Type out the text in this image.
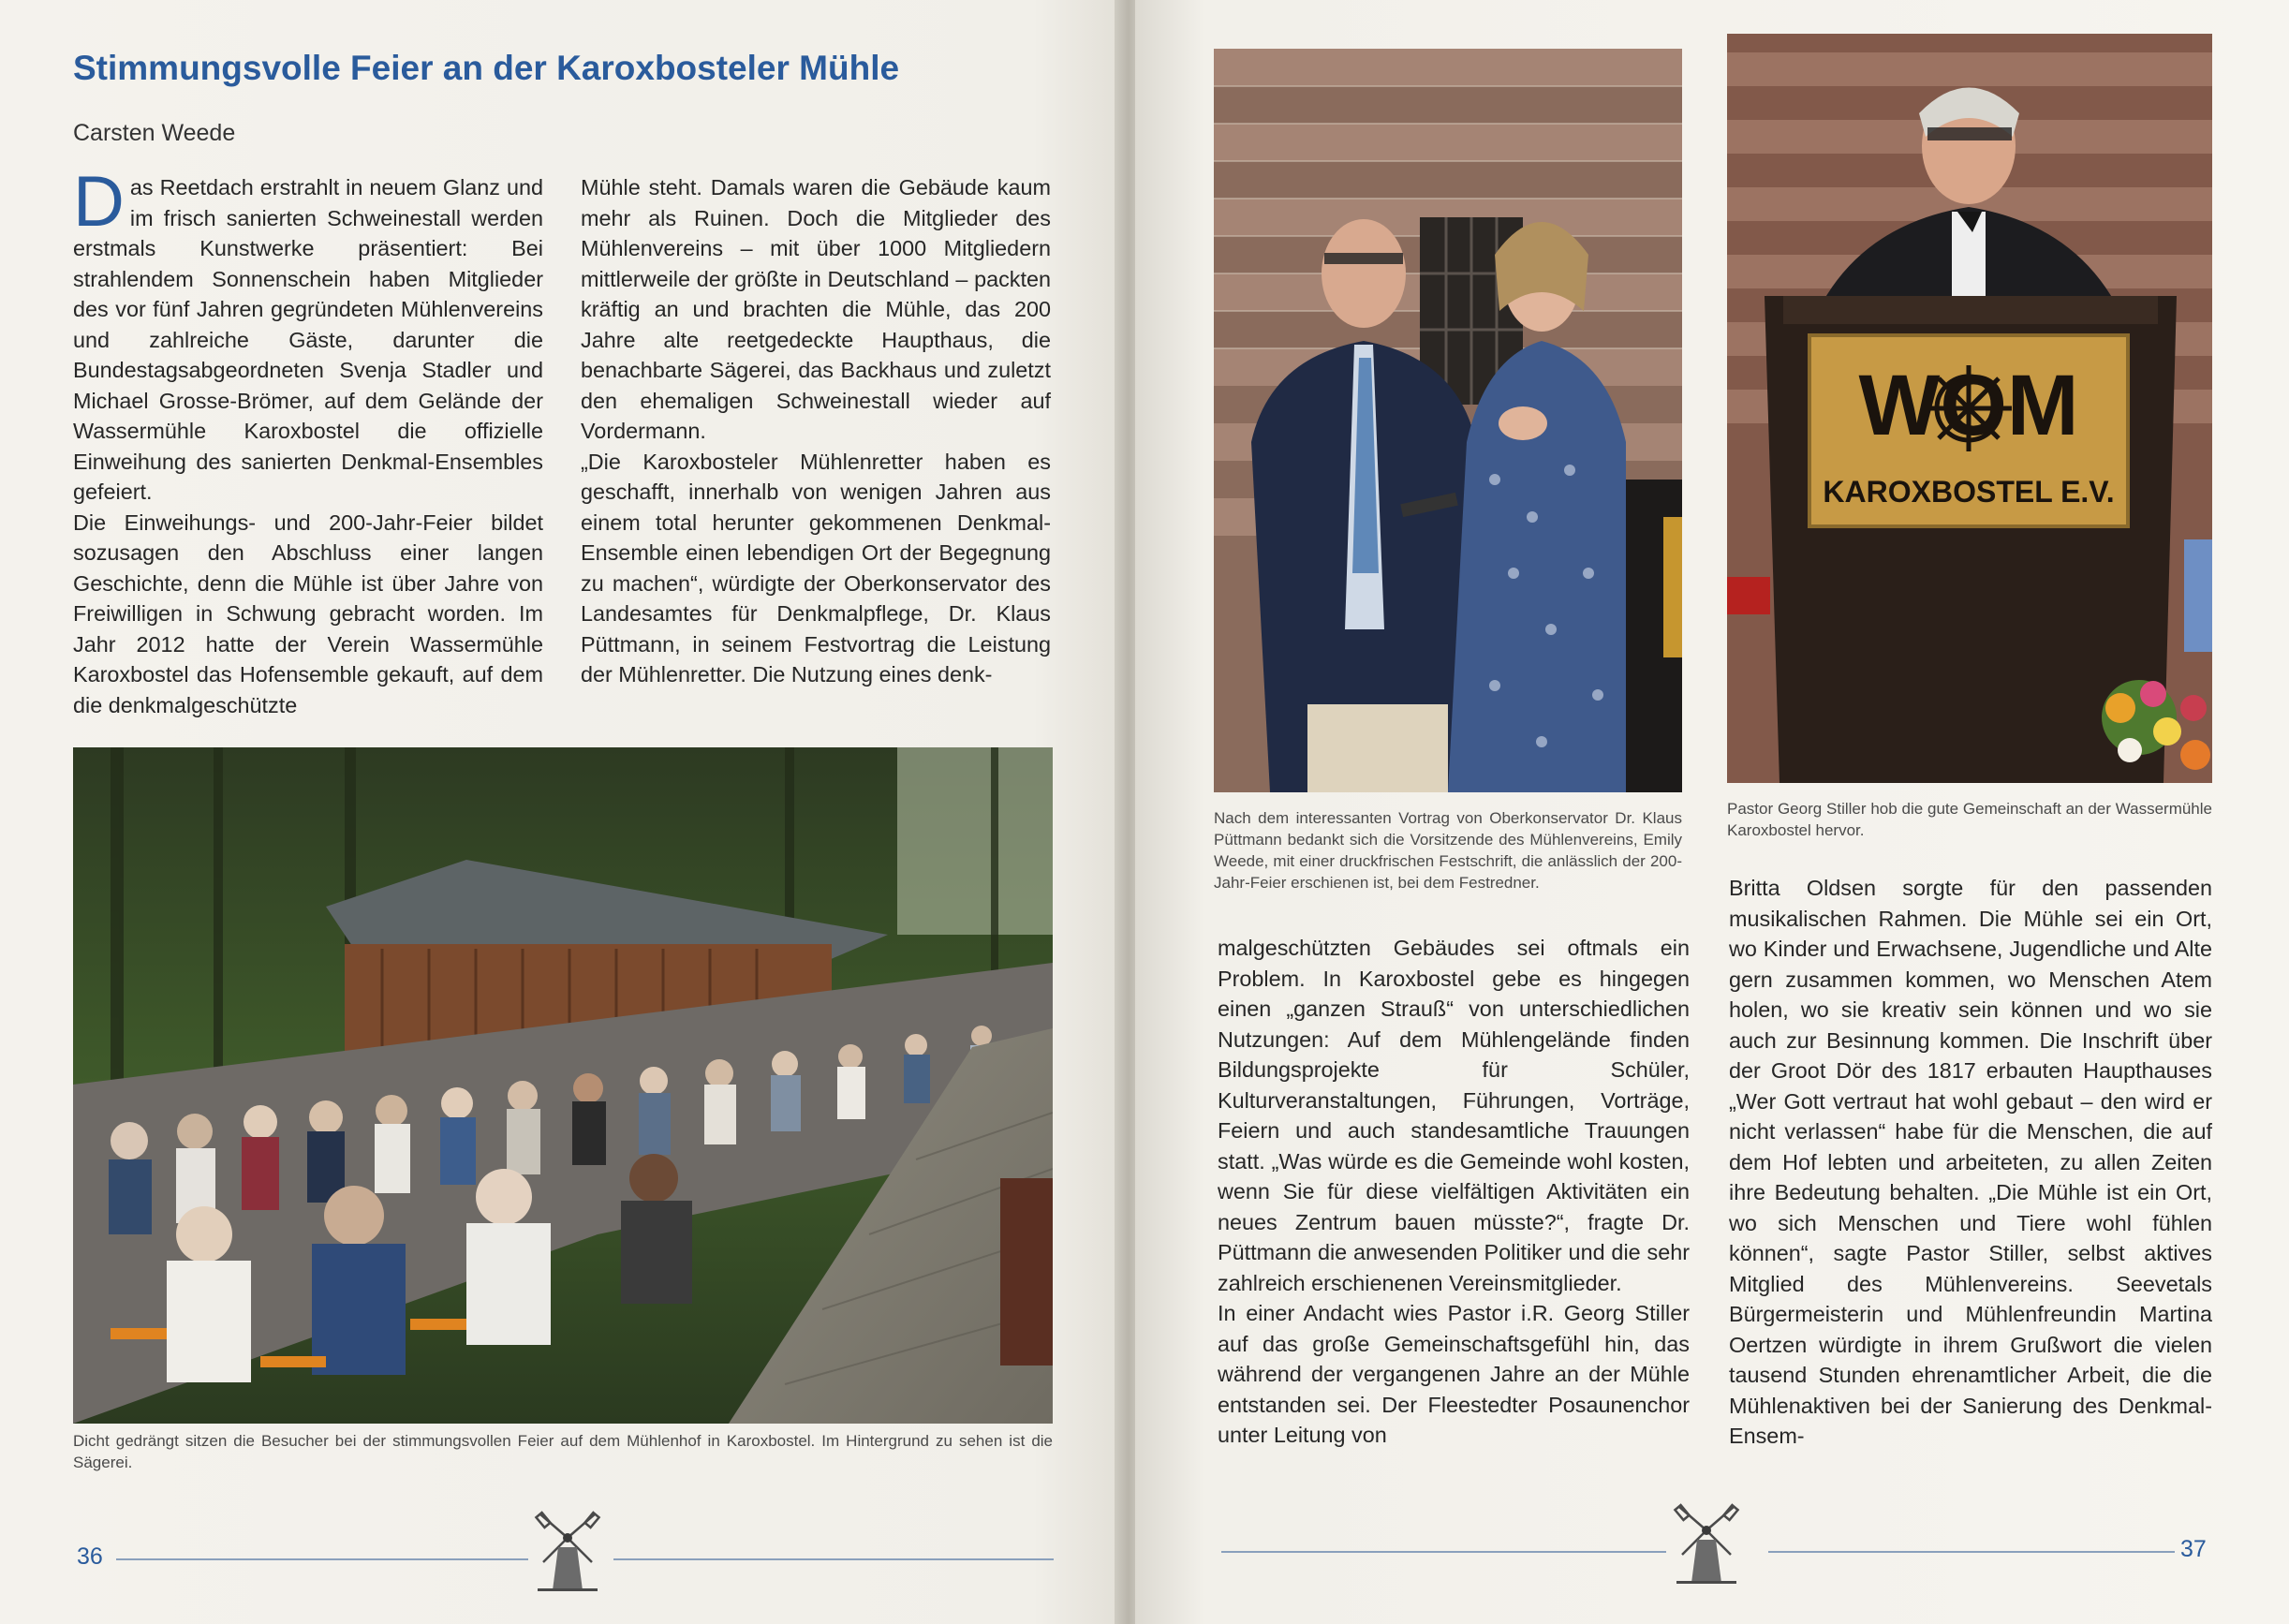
Stimmungsvolle Feier an der Karoxbosteler Mühle

Carsten Weede

Das Reetdach erstrahlt in neuem Glanz und im frisch sanierten Schweinestall werden erstmals Kunstwerke präsentiert: Bei strahlendem Sonnenschein haben Mitglieder des vor fünf Jahren gegründeten Mühlenvereins und zahlreiche Gäste, darunter die Bundestagsabgeordneten Svenja Stadler und Michael Grosse-Brömer, auf dem Gelände der Wassermühle Karoxbostel die offizielle Einweihung des sanierten Denkmal-Ensembles gefeiert.

Die Einweihungs- und 200-Jahr-Feier bildet sozusagen den Abschluss einer langen Geschichte, denn die Mühle ist über Jahre von Freiwilligen in Schwung gebracht worden. Im Jahr 2012 hatte der Verein Wassermühle Karoxbostel das Hofensemble gekauft, auf dem die denkmalgeschützte

Mühle steht. Damals waren die Gebäude kaum mehr als Ruinen. Doch die Mitglieder des Mühlenvereins – mit über 1000 Mitgliedern mittlerweile der größte in Deutschland – packten kräftig an und brachten die Mühle, das 200 Jahre alte reetgedeckte Haupthaus, die benachbarte Sägerei, das Backhaus und zuletzt den ehemaligen Schweinestall wieder auf Vordermann.

„Die Karoxbosteler Mühlenretter haben es geschafft, innerhalb von wenigen Jahren aus einem total herunter gekommenen Denkmal-Ensemble einen lebendigen Ort der Begegnung zu machen“, würdigte der Oberkonservator des Landesamtes für Denkmalpflege, Dr. Klaus Püttmann, in seinem Festvortrag die Leistung der Mühlenretter. Die Nutzung eines denk-

Dicht gedrängt sitzen die Besucher bei der stimmungsvollen Feier auf dem Mühlenhof in Karoxbostel. Im Hintergrund zu sehen ist die Sägerei.

36

Nach dem interessanten Vortrag von Oberkonservator Dr. Klaus Püttmann bedankt sich die Vorsitzende des Mühlenvereins, Emily Weede, mit einer druckfrischen Festschrift, die anlässlich der 200-Jahr-Feier erschienen ist, bei dem Festredner.

WOM
KAROXBOSTEL E.V.

Pastor Georg Stiller hob die gute Gemeinschaft an der Wassermühle Karoxbostel hervor.

malgeschützten Gebäudes sei oftmals ein Problem. In Karoxbostel gebe es hingegen einen „ganzen Strauß“ von unterschiedlichen Nutzungen: Auf dem Mühlengelände finden Bildungsprojekte für Schüler, Kulturveranstaltungen, Führungen, Vorträge, Feiern und auch standesamtliche Trauungen statt. „Was würde es die Gemeinde wohl kosten, wenn Sie für diese vielfältigen Aktivitäten ein neues Zentrum bauen müsste?“, fragte Dr. Püttmann die anwesenden Politiker und die sehr zahlreich erschienenen Vereinsmitglieder.

In einer Andacht wies Pastor i.R. Georg Stiller auf das große Gemeinschaftsgefühl hin, das während der vergangenen Jahre an der Mühle entstanden sei. Der Fleestedter Posaunenchor unter Leitung von

Britta Oldsen sorgte für den passenden musikalischen Rahmen. Die Mühle sei ein Ort, wo Kinder und Erwachsene, Jugendliche und Alte gern zusammen kommen, wo Menschen Atem holen, wo sie kreativ sein können und wo sie auch zur Besinnung kommen. Die Inschrift über der Groot Dör des 1817 erbauten Haupthauses „Wer Gott vertraut hat wohl gebaut – den wird er nicht verlassen“ habe für die Menschen, die auf dem Hof lebten und arbeiteten, zu allen Zeiten ihre Bedeutung behalten. „Die Mühle ist ein Ort, wo sich Menschen und Tiere wohl fühlen können“, sagte Pastor Stiller, selbst aktives Mitglied des Mühlenvereins. Seevetals Bürgermeisterin und Mühlenfreundin Martina Oertzen würdigte in ihrem Grußwort die vielen tausend Stunden ehrenamtlicher Arbeit, die die Mühlenaktiven bei der Sanierung des Denkmal-Ensem-

37
